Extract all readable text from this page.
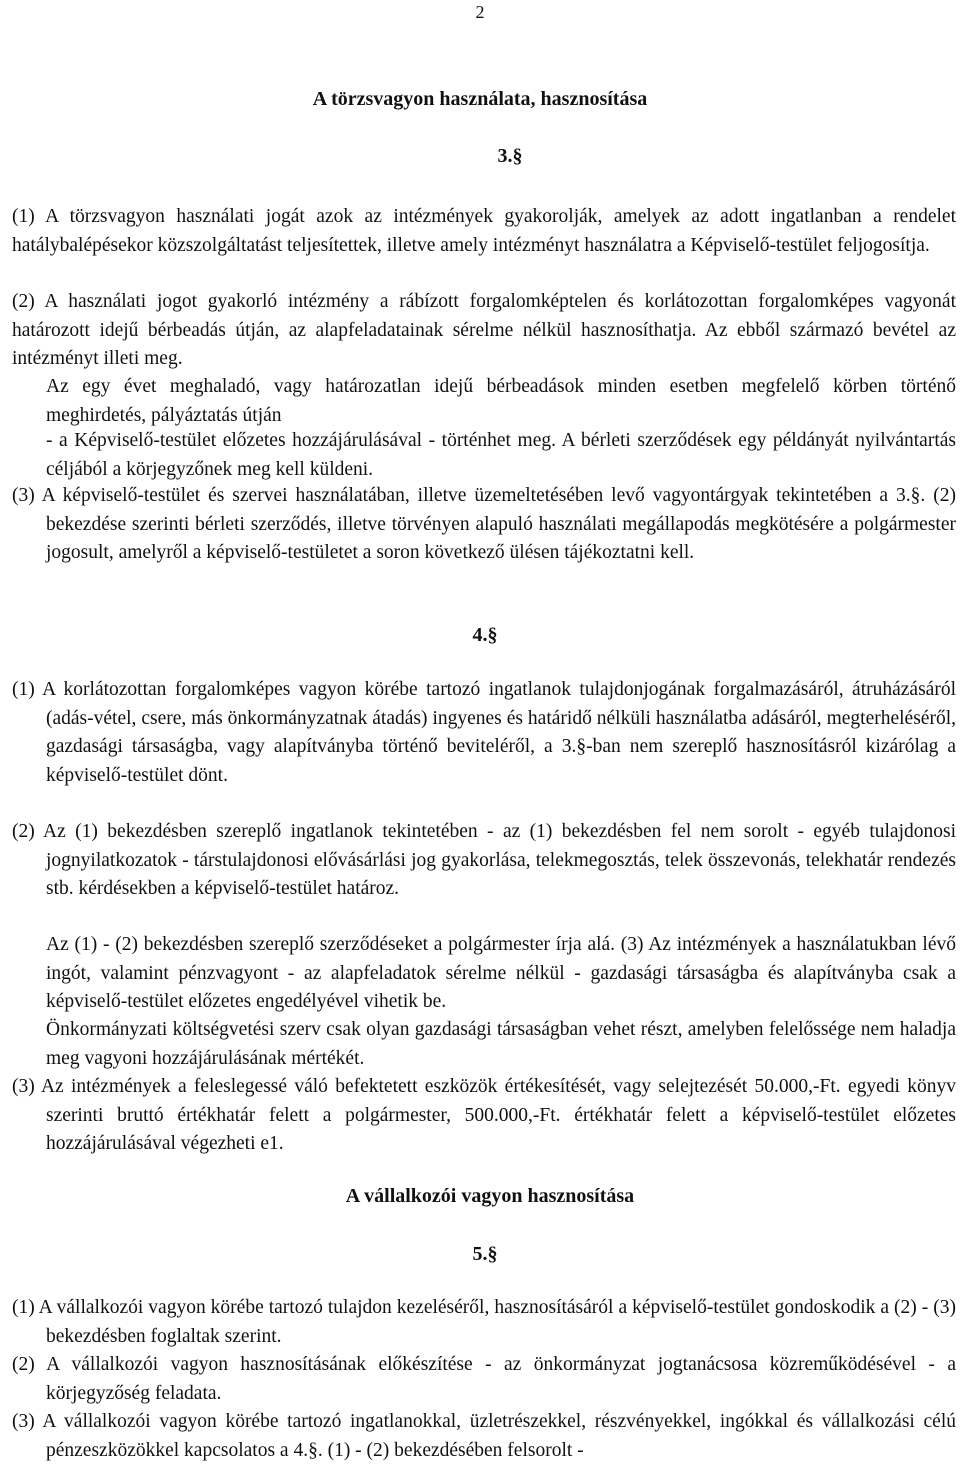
2
A törzsvagyon használata, hasznosítása
3.§

(1) A törzsvagyon használati jogát azok az intézmények gyakorolják, amelyek az adott ingatlanban a rendelet hatálybalépésekor közszolgáltatást teljesítettek, illetve amely intézményt használatra a Képviselő-testület feljogosítja.

(2) A használati jogot gyakorló intézmény a rábízott forgalomképtelen és korlátozottan forgalomképes vagyonát határozott idejű bérbeadás útján, az alapfeladatainak sérelme nélkül hasznosíthatja. Az ebből származó bevétel az intézményt illeti meg.

Az egy évet meghaladó, vagy határozatlan idejű bérbeadások minden esetben megfelelő körben történő meghirdetés, pályáztatás útján

- a Képviselő-testület előzetes hozzájárulásával - történhet meg. A bérleti szerződések egy példányát nyilvántartás céljából a körjegyzőnek meg kell küldeni.

(3) A képviselő-testület és szervei használatában, illetve üzemeltetésében levő vagyontárgyak tekintetében a 3.§. (2) bekezdése szerinti bérleti szerződés, illetve törvényen alapuló használati megállapodás megkötésére a polgármester jogosult, amelyről a képviselő-testületet a soron következő ülésen tájékoztatni kell.

4.§

(1) A korlátozottan forgalomképes vagyon körébe tartozó ingatlanok tulajdonjogának forgalmazásáról, átruházásáról (adás-vétel, csere, más önkormányzatnak átadás) ingyenes és határidő nélküli használatba adásáról, megterheléséről, gazdasági társaságba, vagy alapítványba történő beviteléről, a 3.§-ban nem szereplő hasznosításról kizárólag a képviselő-testület dönt.

(2) Az (1) bekezdésben szereplő ingatlanok tekintetében - az (1) bekezdésben fel nem sorolt - egyéb tulajdonosi jognyilatkozatok - társtulajdonosi elővásárlási jog gyakorlása, telekmegosztás, telek összevonás, telekhatár rendezés stb. kérdésekben a képviselő-testület határoz.

Az (1) - (2) bekezdésben szereplő szerződéseket a polgármester írja alá. (3) Az intézmények a használatukban lévő ingót, valamint pénzvagyont - az alapfeladatok sérelme nélkül - gazdasági társaságba és alapítványba csak a képviselő-testület előzetes engedélyével vihetik be.

Önkormányzati költségvetési szerv csak olyan gazdasági társaságban vehet részt, amelyben felelőssége nem haladja meg vagyoni hozzájárulásának mértékét.

(3) Az intézmények a feleslegessé váló befektetett eszközök értékesítését, vagy selejtezését 50.000,-Ft. egyedi könyv szerinti bruttó értékhatár felett a polgármester, 500.000,-Ft. értékhatár felett a képviselő-testület előzetes hozzájárulásával végezheti e1.

A vállalkozói vagyon hasznosítása
5.§

(1) A vállalkozói vagyon körébe tartozó tulajdon kezeléséről, hasznosításáról a képviselő-testület gondoskodik a (2) - (3) bekezdésben foglaltak szerint.

(2) A vállalkozói vagyon hasznosításának előkészítése - az önkormányzat jogtanácsosa közreműködésével - a körjegyzőség feladata.

(3) A vállalkozói vagyon körébe tartozó ingatlanokkal, üzletrészekkel, részvényekkel, ingókkal és vállalkozási célú pénzeszközökkel kapcsolatos a 4.§. (1) - (2) bekezdésében felsorolt -
